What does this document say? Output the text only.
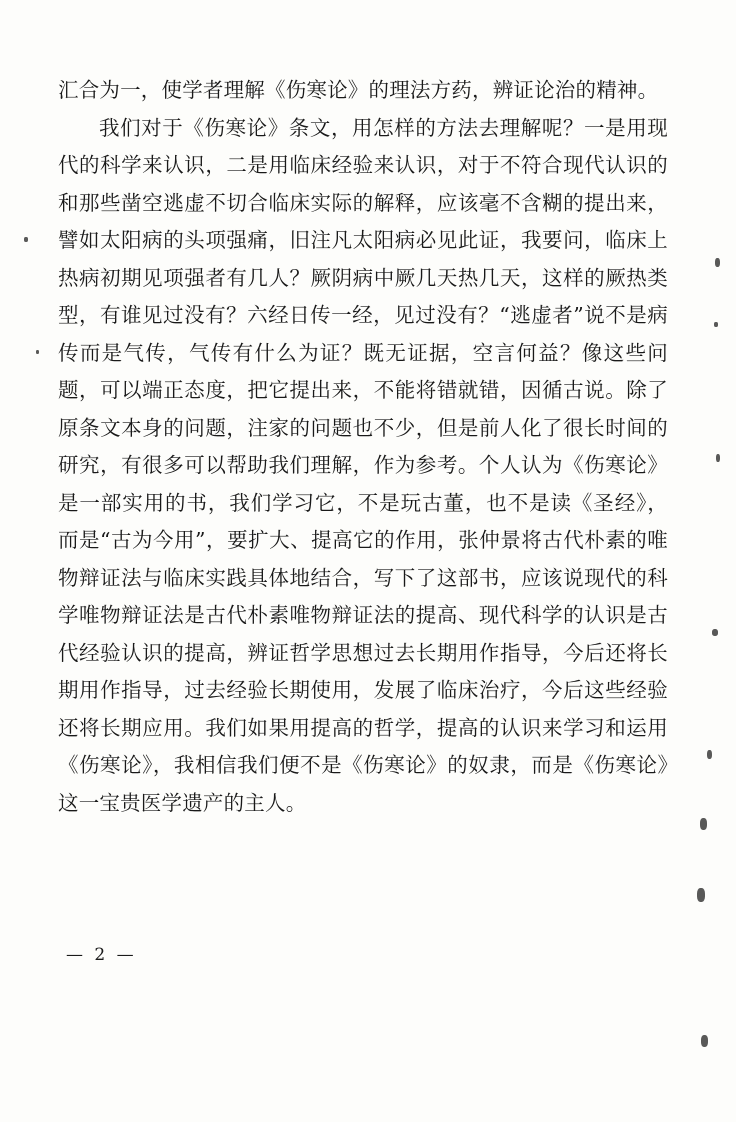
汇合为一，使学者理解《伤寒论》的理法方药，辨证论治的精神。

我们对于《伤寒论》条文，用怎样的方法去理解呢？一是用现代的科学来认识，二是用临床经验来认识，对于不符合现代认识的和那些凿空逃虚不切合临床实际的解释，应该毫不含糊的提出来，譬如太阳病的头项强痛，旧注凡太阳病必见此证，我要问，临床上热病初期见项强者有几人？厥阴病中厥几天热几天，这样的厥热类型，有谁见过没有？六经日传一经，见过没有？“逃虚者”说不是病传而是气传，气传有什么为证？既无证据，空言何益？像这些问题，可以端正态度，把它提出来，不能将错就错，因循古说。除了原条文本身的问题，注家的问题也不少，但是前人化了很长时间的研究，有很多可以帮助我们理解，作为参考。个人认为《伤寒论》是一部实用的书，我们学习它，不是玩古董，也不是读《圣经》，而是“古为今用”，要扩大、提高它的作用，张仲景将古代朴素的唯物辩证法与临床实践具体地结合，写下了这部书，应该说现代的科学唯物辩证法是古代朴素唯物辩证法的提高、现代科学的认识是古代经验认识的提高，辨证哲学思想过去长期用作指导，今后还将长期用作指导，过去经验长期使用，发展了临床治疗，今后这些经验还将长期应用。我们如果用提高的哲学，提高的认识来学习和运用《伤寒论》，我相信我们便不是《伤寒论》的奴隶，而是《伤寒论》这一宝贵医学遗产的主人。

— 2 —
